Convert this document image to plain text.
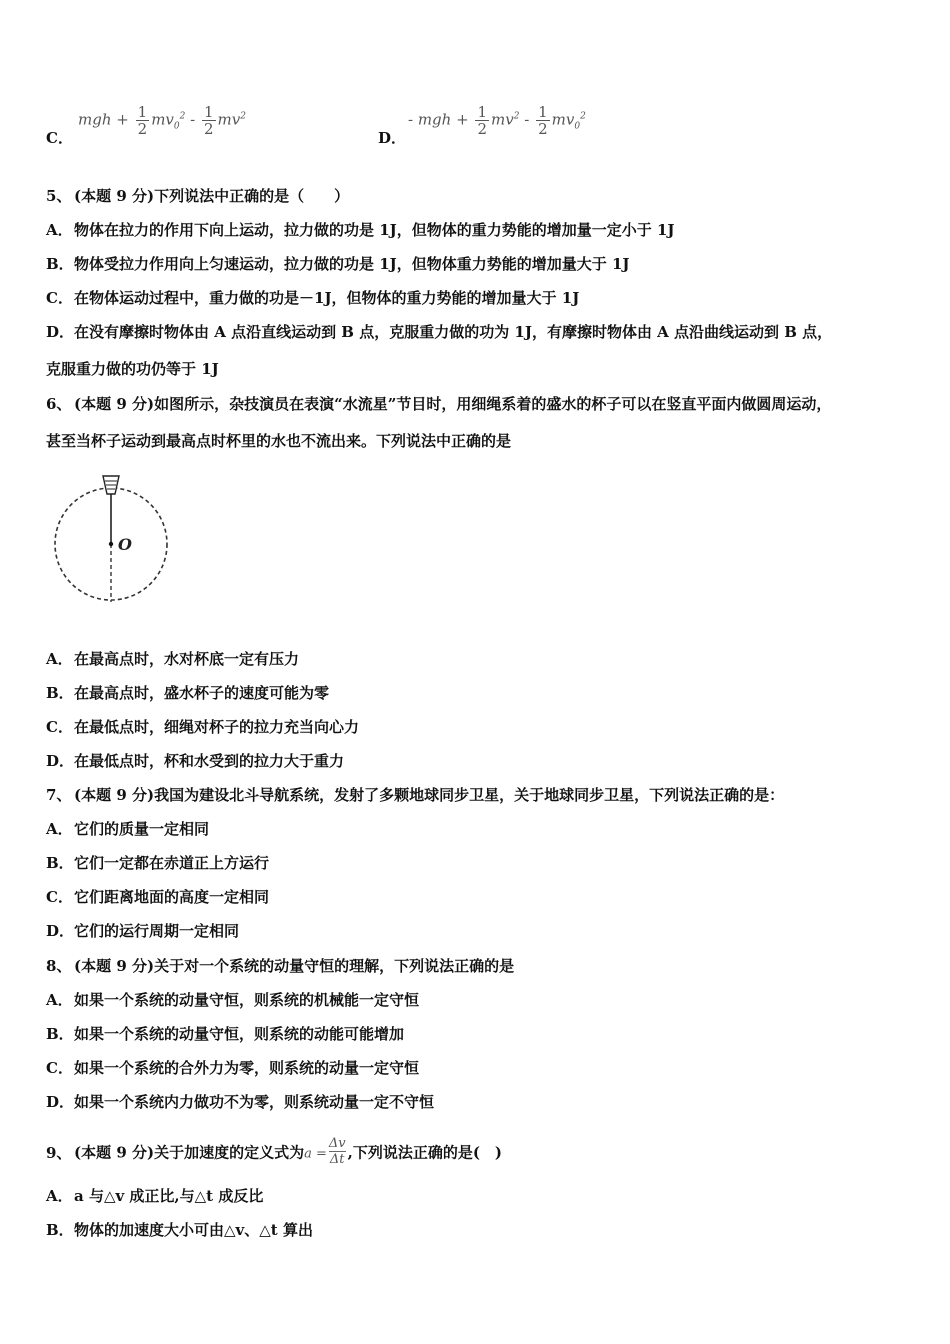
C．
mgh + $\frac{1}{2} mv_0^2 - \frac{1}{2} mv^2$
D．
- mgh + $\frac{1}{2} mv^2 - \frac{1}{2} mv_0^2$
5、 (本题 9 分)下列说法中正确的是（　　）
A．物体在拉力的作用下向上运动，拉力做的功是 1J，但物体的重力势能的增加量一定小于 1J
B．物体受拉力作用向上匀速运动，拉力做的功是 1J，但物体重力势能的增加量大于 1J
C．在物体运动过程中，重力做的功是－1J，但物体的重力势能的增加量大于 1J
D．在没有摩擦时物体由 A 点沿直线运动到 B 点，克服重力做的功为 1J，有摩擦时物体由 A 点沿曲线运动到 B 点，
克服重力做的功仍等于 1J
6、 (本题 9 分)如图所示，杂技演员在表演“水流星”节目时，用细绳系着的盛水的杯子可以在竖直平面内做圆周运动，
甚至当杯子运动到最高点时杯里的水也不流出来。下列说法中正确的是
O
A．在最高点时，水对杯底一定有压力
B．在最高点时，盛水杯子的速度可能为零
C．在最低点时，细绳对杯子的拉力充当向心力
D．在最低点时，杯和水受到的拉力大于重力
7、 (本题 9 分)我国为建设北斗导航系统，发射了多颗地球同步卫星，关于地球同步卫星，下列说法正确的是：
A．它们的质量一定相同
B．它们一定都在赤道正上方运行
C．它们距离地面的高度一定相同
D．它们的运行周期一定相同
8、 (本题 9 分)关于对一个系统的动量守恒的理解，下列说法正确的是
A．如果一个系统的动量守恒，则系统的机械能一定守恒
B．如果一个系统的动量守恒，则系统的动能可能增加
C．如果一个系统的合外力为零，则系统的动量一定守恒
D．如果一个系统内力做功不为零，则系统动量一定不守恒
9、 (本题 9 分)关于加速度的定义式为$a = \frac{\Delta v}{\Delta t}$ ,下列说法正确的是(　)
A．a 与△v 成正比,与△t 成反比
B．物体的加速度大小可由△v、△t 算出
